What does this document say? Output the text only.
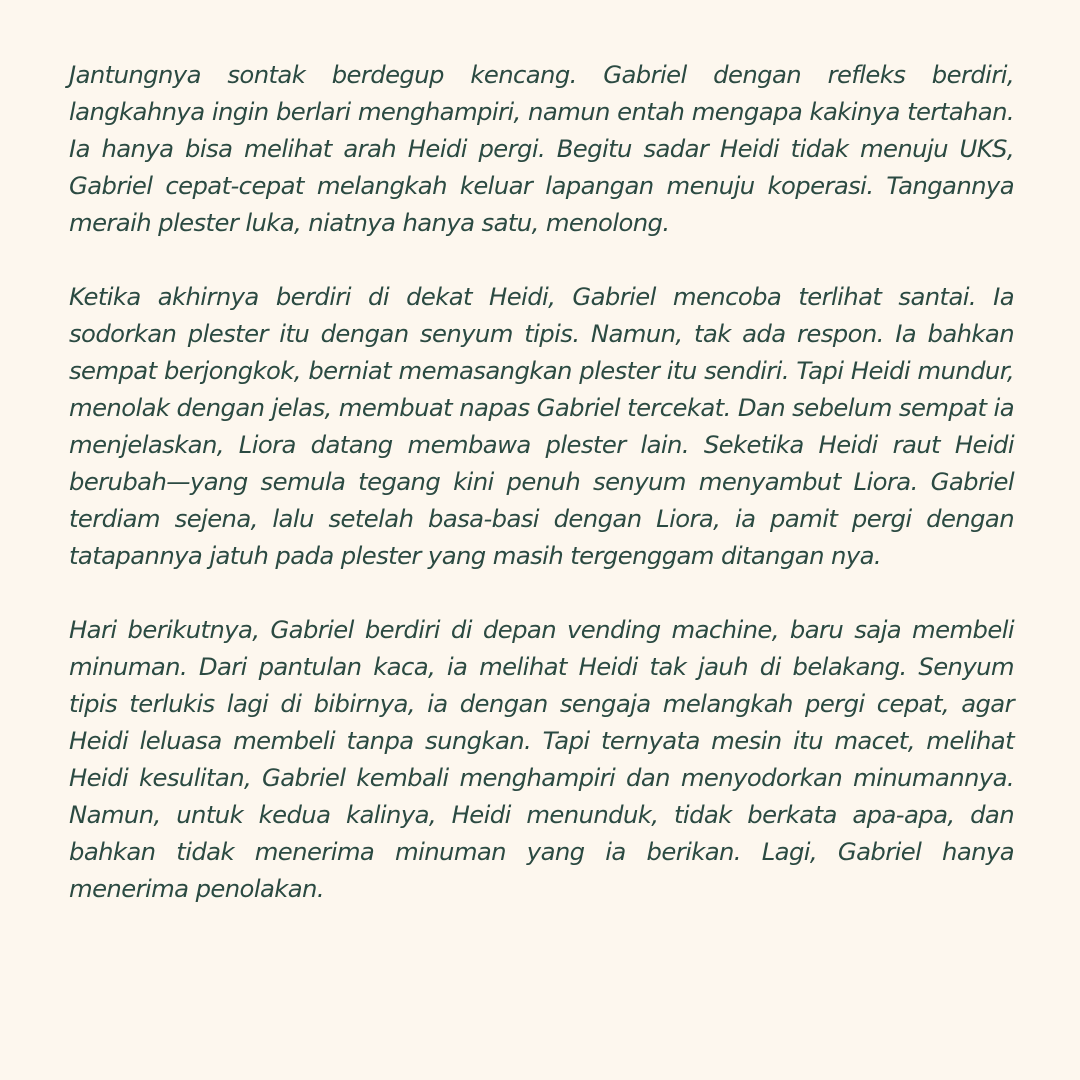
Jantungnya sontak berdegup kencang. Gabriel dengan refleks berdiri, langkahnya ingin berlari menghampiri, namun entah mengapa kakinya tertahan. Ia hanya bisa melihat arah Heidi pergi. Begitu sadar Heidi tidak menuju UKS, Gabriel cepat-cepat melangkah keluar lapangan menuju koperasi. Tangannya meraih plester luka, niatnya hanya satu, menolong.

Ketika akhirnya berdiri di dekat Heidi, Gabriel mencoba terlihat santai. Ia sodorkan plester itu dengan senyum tipis. Namun, tak ada respon. Ia bahkan sempat berjongkok, berniat memasangkan plester itu sendiri. Tapi Heidi mundur, menolak dengan jelas, membuat napas Gabriel tercekat. Dan sebelum sempat ia menjelaskan, Liora datang membawa plester lain. Seketika Heidi raut Heidi berubah—yang semula tegang kini penuh senyum menyambut Liora. Gabriel terdiam sejena, lalu setelah basa-basi dengan Liora, ia pamit pergi dengan tatapannya jatuh pada plester yang masih tergenggam ditangan nya.

Hari berikutnya, Gabriel berdiri di depan vending machine, baru saja membeli minuman. Dari pantulan kaca, ia melihat Heidi tak jauh di belakang. Senyum tipis terlukis lagi di bibirnya, ia dengan sengaja melangkah pergi cepat, agar Heidi leluasa membeli tanpa sungkan. Tapi ternyata mesin itu macet, melihat Heidi kesulitan, Gabriel kembali menghampiri dan menyodorkan minumannya. Namun, untuk kedua kalinya, Heidi menunduk, tidak berkata apa-apa, dan bahkan tidak menerima minuman yang ia berikan. Lagi, Gabriel hanya menerima penolakan.
